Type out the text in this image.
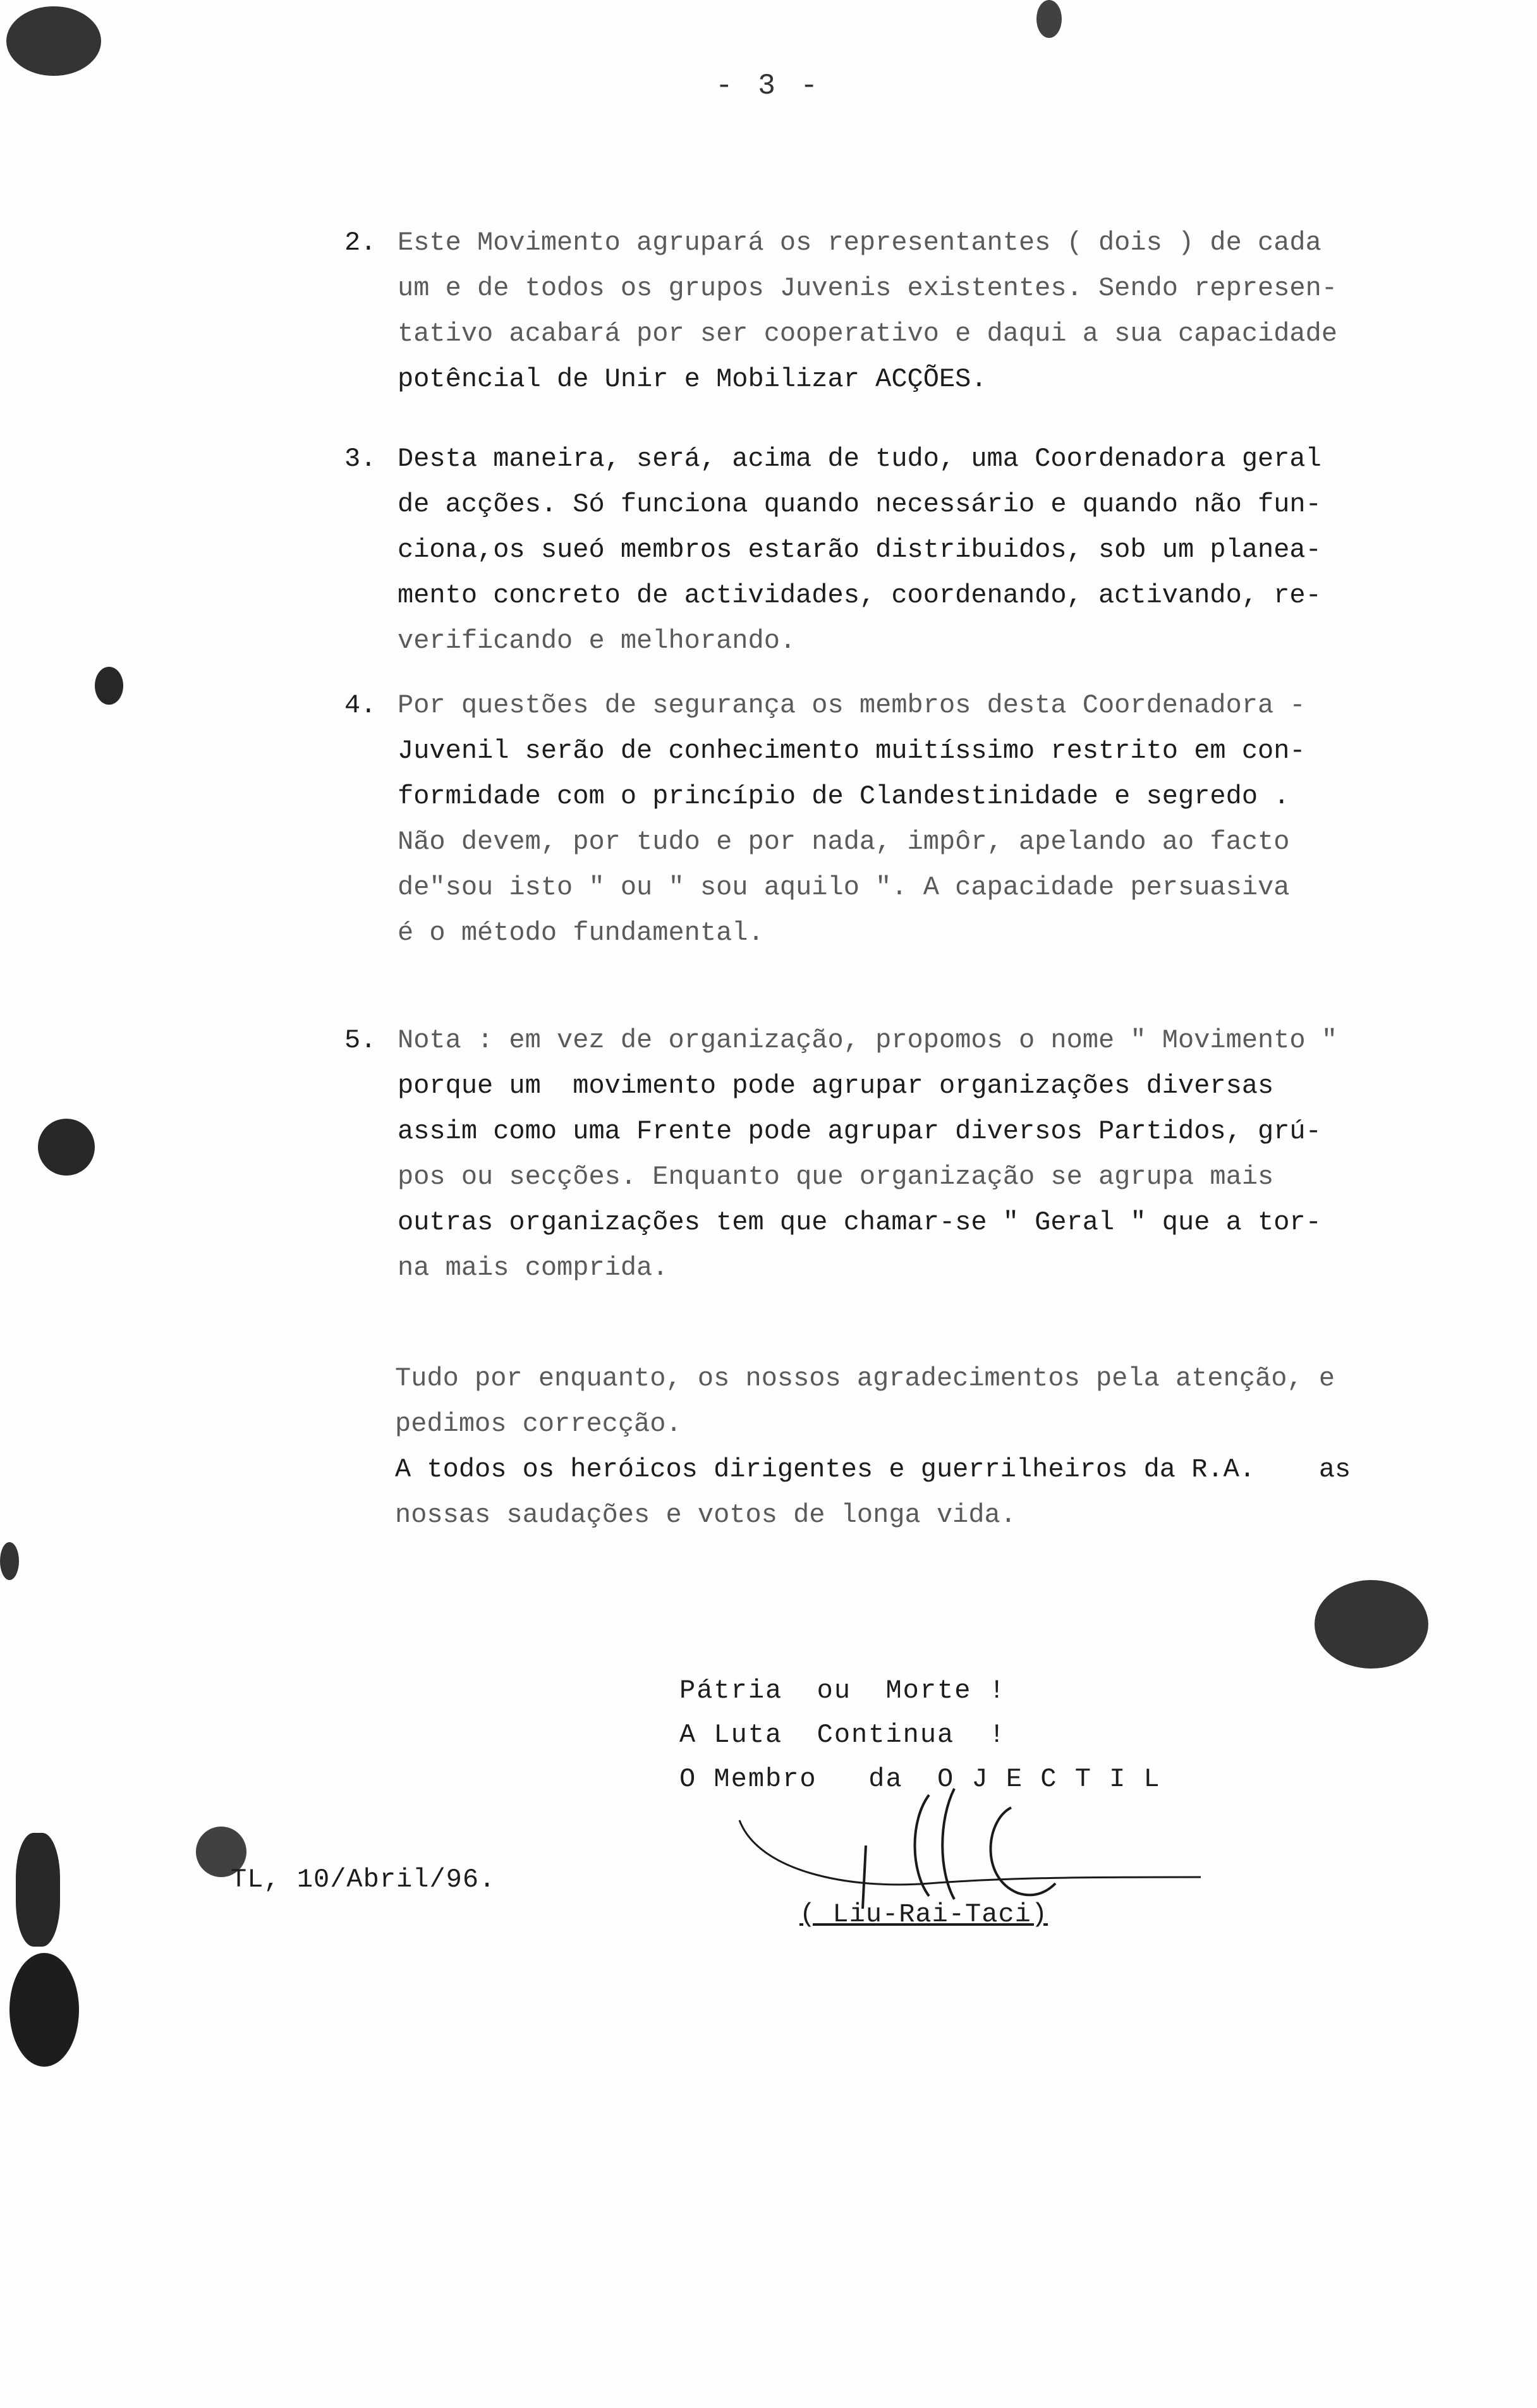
- 3 -
2. Este Movimento agrupará os representantes ( dois ) de cada
um e de todos os grupos Juvenis existentes. Sendo represen-
tativo acabará por ser cooperativo e daqui a sua capacidade
potêncial de Unir e Mobilizar ACÇÕES.
3. Desta maneira, será, acima de tudo, uma Coordenadora geral
de acções. Só funciona quando necessário e quando não fun-
ciona,os sueó membros estarão distribuidos, sob um planea-
mento concreto de actividades, coordenando, activando, re-
verificando e melhorando.
4. Por questões de segurança os membros desta Coordenadora -
Juvenil serão de conhecimento muitíssimo restrito em con-
formidade com o princípio de Clandestinidade e segredo .
Não devem, por tudo e por nada, impôr, apelando ao facto
de"sou isto " ou " sou aquilo ". A capacidade persuasiva
é o método fundamental.
5. Nota : em vez de organização, propomos o nome " Movimento "
porque um  movimento pode agrupar organizações diversas
assim como uma Frente pode agrupar diversos Partidos, grú-
pos ou secções. Enquanto que organização se agrupa mais
outras organizações tem que chamar-se " Geral " que a tor-
na mais comprida.
Tudo por enquanto, os nossos agradecimentos pela atenção, e
pedimos correcção.
A todos os heróicos dirigentes e guerrilheiros da R.A.    as
nossas saudações e votos de longa vida.
Pátria  ou  Morte !
A Luta  Continua  !
O Membro   da  O J E C T I L
TL, 10/Abril/96.
( Liu-Rai-Taci)
